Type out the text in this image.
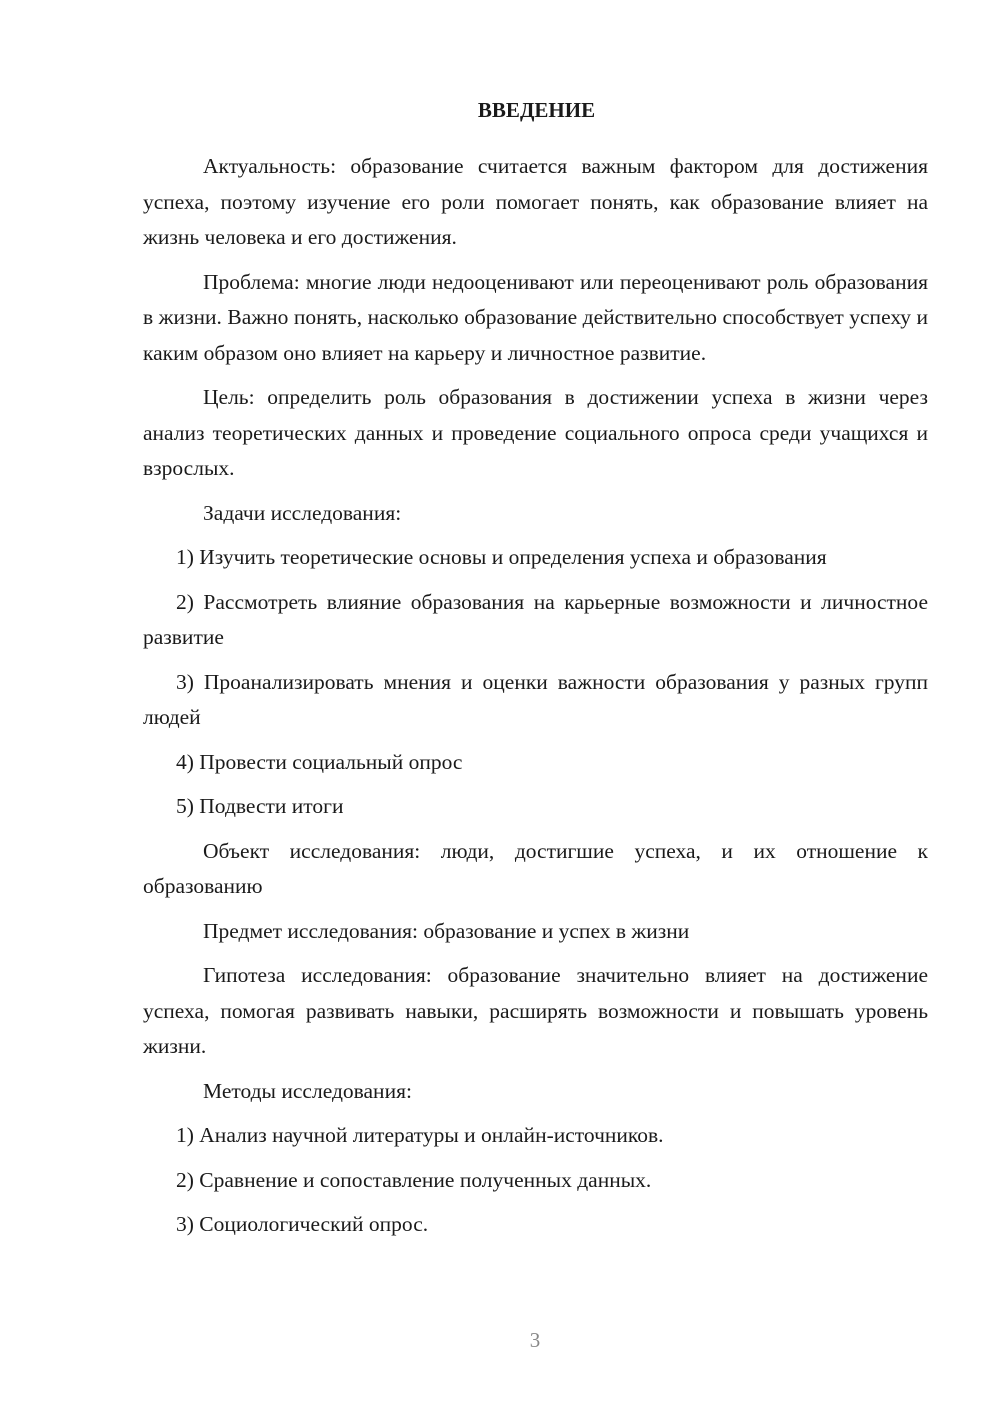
ВВЕДЕНИЕ

Актуальность: образование считается важным фактором для достижения успеха, поэтому изучение его роли помогает понять, как образование влияет на жизнь человека и его достижения.

Проблема: многие люди недооценивают или переоценивают роль образования в жизни. Важно понять, насколько образование действительно способствует успеху и каким образом оно влияет на карьеру и личностное развитие.

Цель: определить роль образования в достижении успеха в жизни через анализ теоретических данных и проведение социального опроса среди учащихся и взрослых.

Задачи исследования:

1) Изучить теоретические основы и определения успеха и образования

2) Рассмотреть влияние образования на карьерные возможности и личностное развитие

3) Проанализировать мнения и оценки важности образования у разных групп людей

4) Провести социальный опрос

5) Подвести итоги

Объект исследования: люди, достигшие успеха, и их отношение к образованию

Предмет исследования: образование и успех в жизни

Гипотеза исследования: образование значительно влияет на достижение успеха, помогая развивать навыки, расширять возможности и повышать уровень жизни.

Методы исследования:

1) Анализ научной литературы и онлайн-источников.

2) Сравнение и сопоставление полученных данных.

3) Социологический опрос.

3
